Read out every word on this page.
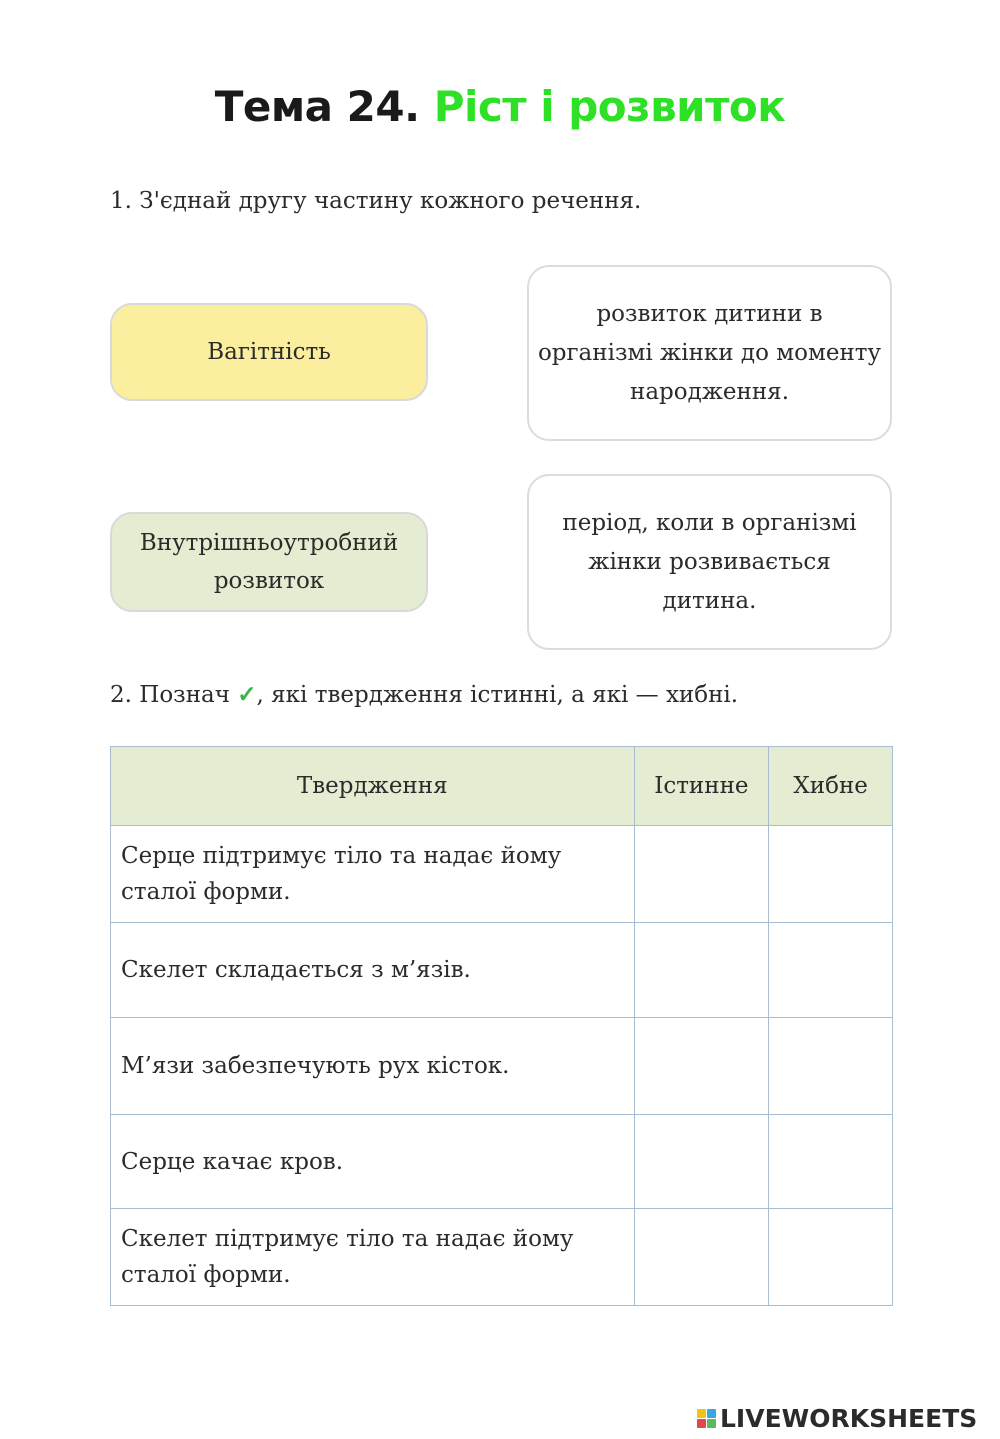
Тема 24. Ріст і розвиток
1. З'єднай другу частину кожного речення.
Вагітність
Внутрішньоутробний розвиток
розвиток дитини в організмі жінки до моменту народження.
період, коли в організмі жінки розвивається дитина.
2. Познач ✓, які твердження істинні, а які — хибні.
Твердження	Істинне	Хибне
Серце підтримує тіло та надає йому сталої форми.		
Скелет складається з м’язів.		
М’язи забезпечують рух кісток.		
Серце качає кров.		
Скелет підтримує тіло та надає йому сталої форми.		
LIVEWORKSHEETS
